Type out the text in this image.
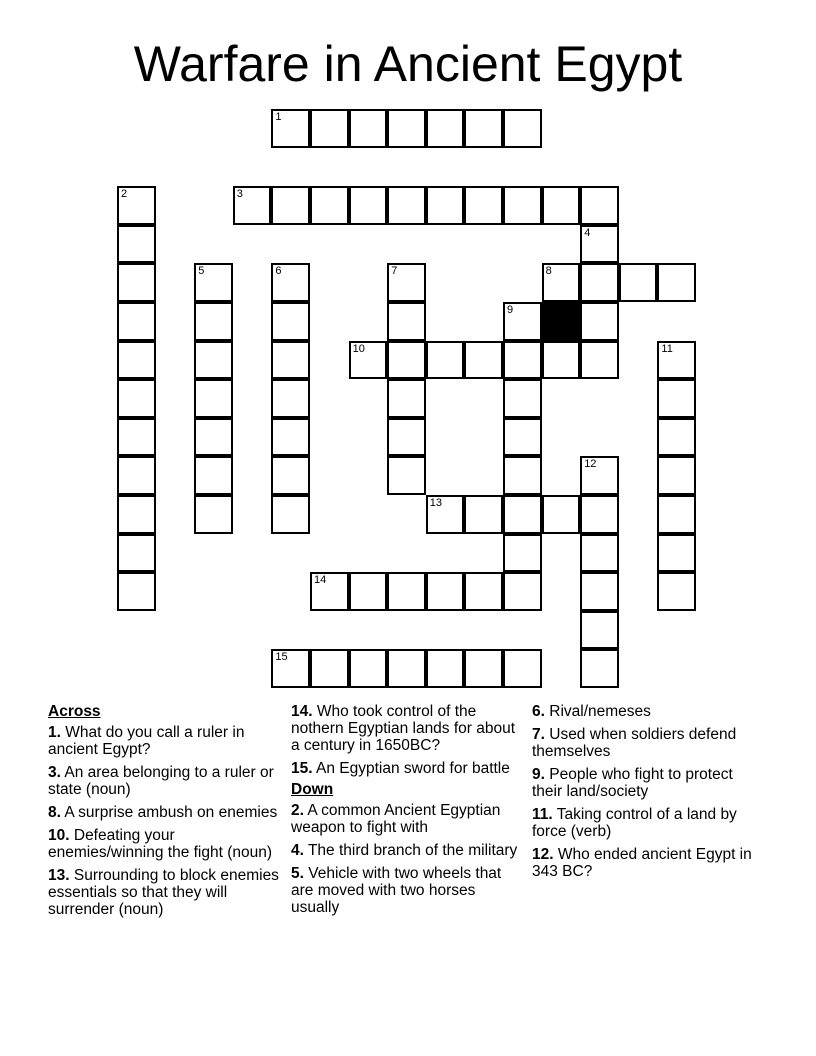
Warfare in Ancient Egypt
1
2	3
4
5	6	7	8
9
10	11
12
13
14
15
Across
1. What do you call a ruler in ancient Egypt?
3. An area belonging to a ruler or state (noun)
8. A surprise ambush on enemies
10. Defeating your enemies/winning the fight (noun)
13. Surrounding to block enemies essentials so that they will surrender (noun)
14. Who took control of the nothern Egyptian lands for about a century in 1650BC?
15. An Egyptian sword for battle
Down
2. A common Ancient Egyptian weapon to fight with
4. The third branch of the military
5. Vehicle with two wheels that are moved with two horses usually
6. Rival/nemeses
7. Used when soldiers defend themselves
9. People who fight to protect their land/society
11. Taking control of a land by force (verb)
12. Who ended ancient Egypt in 343 BC?
